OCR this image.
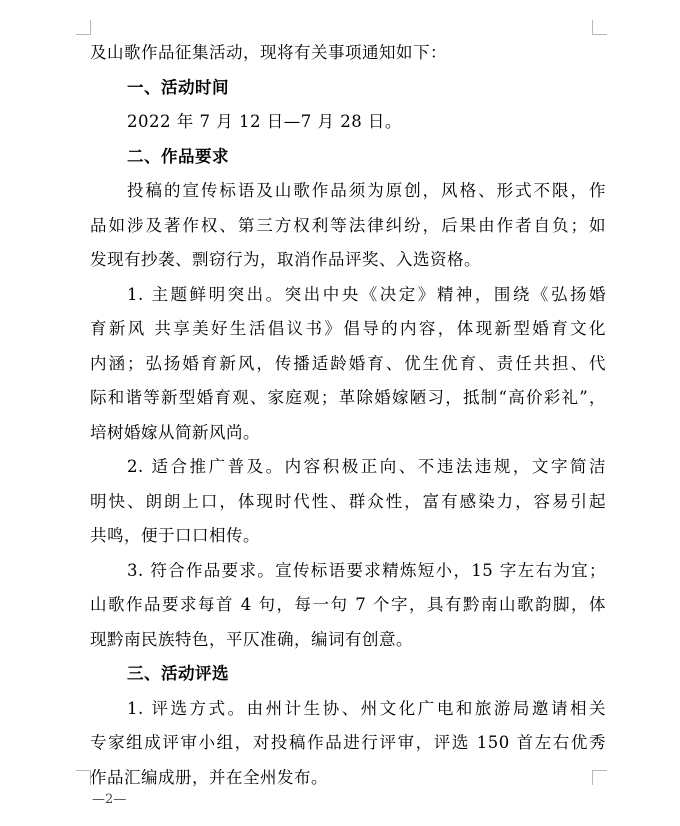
及山歌作品征集活动，现将有关事项通知如下：
一、活动时间
2022 年 7 月 12 日—7 月 28 日。
二、作品要求
投稿的宣传标语及山歌作品须为原创，风格、形式不限，作
品如涉及著作权、第三方权利等法律纠纷，后果由作者自负；如
发现有抄袭、剽窃行为，取消作品评奖、入选资格。
1. 主题鲜明突出。突出中央《决定》精神，围绕《弘扬婚
育新风 共享美好生活倡议书》倡导的内容，体现新型婚育文化
内涵；弘扬婚育新风，传播适龄婚育、优生优育、责任共担、代
际和谐等新型婚育观、家庭观；革除婚嫁陋习，抵制“高价彩礼”，
培树婚嫁从简新风尚。
2. 适合推广普及。内容积极正向、不违法违规，文字简洁
明快、朗朗上口，体现时代性、群众性，富有感染力，容易引起
共鸣，便于口口相传。
3. 符合作品要求。宣传标语要求精炼短小，15 字左右为宜；
山歌作品要求每首 4 句，每一句 7 个字，具有黔南山歌韵脚，体
现黔南民族特色，平仄准确，编词有创意。
三、活动评选
1. 评选方式。由州计生协、州文化广电和旅游局邀请相关
专家组成评审小组，对投稿作品进行评审，评选 150 首左右优秀
作品汇编成册，并在全州发布。
—2—
